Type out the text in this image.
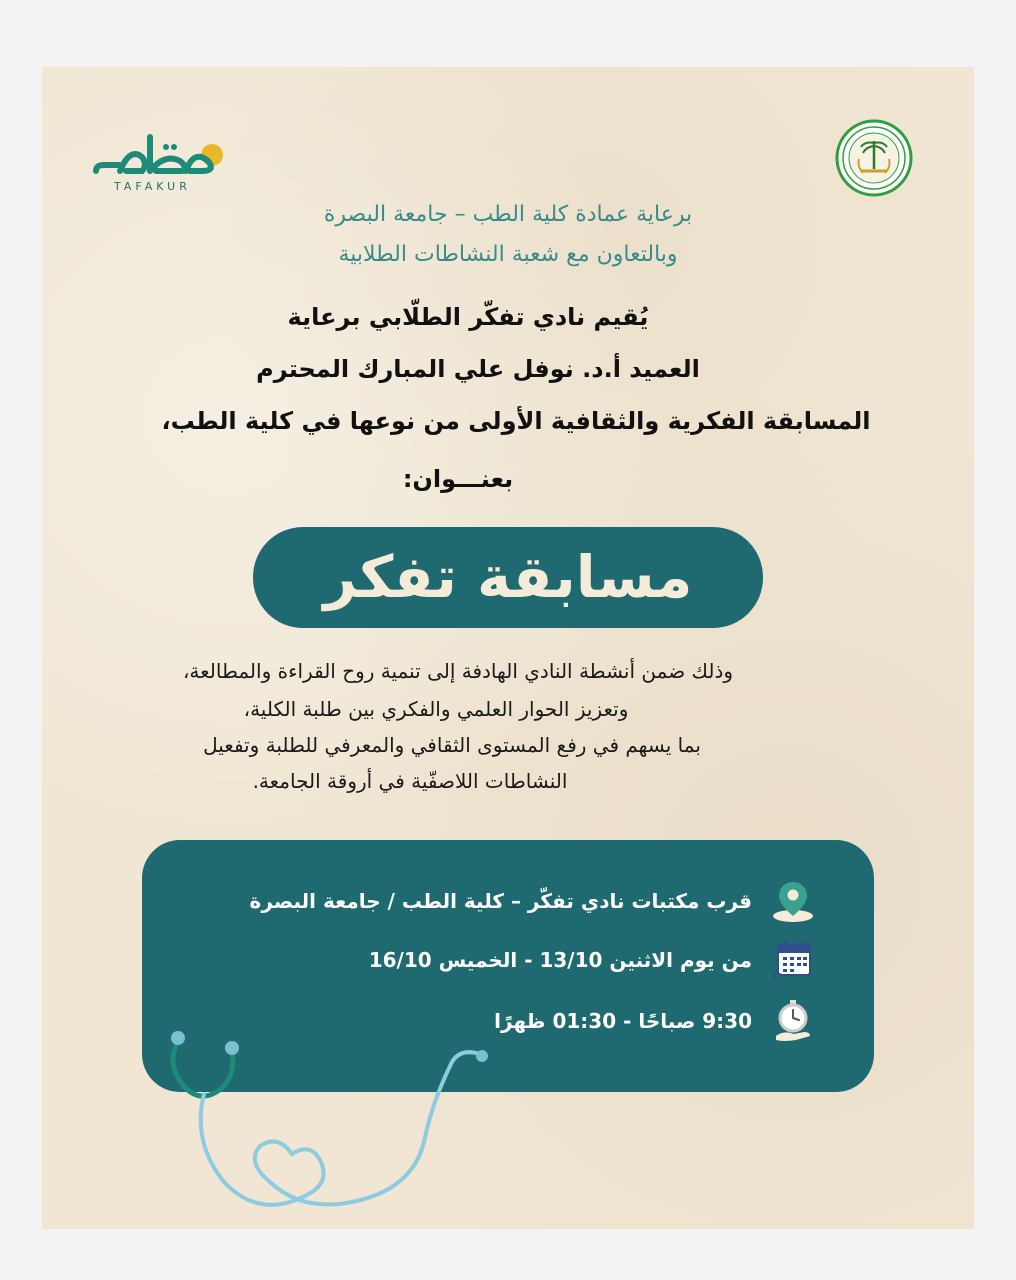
TAFAKUR
برعاية عمادة كلية الطب – جامعة البصرة
وبالتعاون مع شعبة النشاطات الطلابية
يُقيم نادي تفكّر الطلّابي برعاية
العميد أ.د. نوفل علي المبارك المحترم
المسابقة الفكرية والثقافية الأولى من نوعها في كلية الطب،
بعنـــوان:
مسابقة تفكر
وذلك ضمن أنشطة النادي الهادفة إلى تنمية روح القراءة والمطالعة،
وتعزيز الحوار العلمي والفكري بين طلبة الكلية،
بما يسهم في رفع المستوى الثقافي والمعرفي للطلبة وتفعيل
النشاطات اللاصفّية في أروقة الجامعة.
قرب مكتبات نادي تفكّر – كلية الطب / جامعة البصرة
من يوم الاثنين 13/10 - الخميس 16/10
9:30 صباحًا - 01:30 ظهرًا
